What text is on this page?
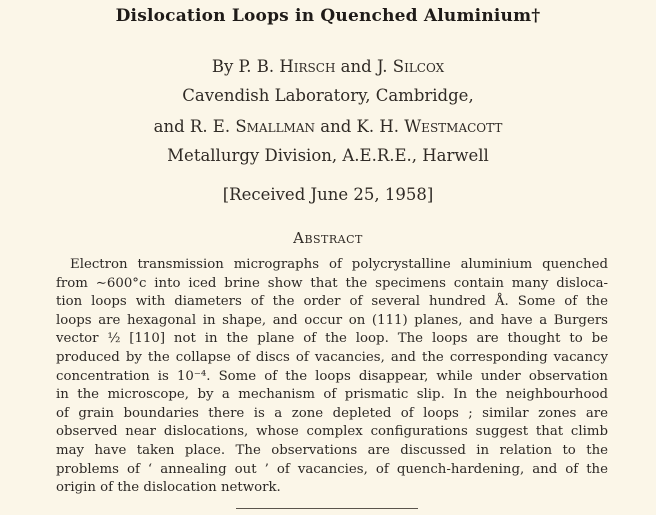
Dislocation Loops in Quenched Aluminium†
By P. B. Hirsch and J. Silcox
Cavendish Laboratory, Cambridge,
and R. E. Smallman and K. H. Westmacott
Metallurgy Division, A.E.R.E., Harwell
[Received June 25, 1958]
Abstract
Electron transmission micrographs of polycrystalline aluminium quenched
from ∼600°c into iced brine show that the specimens contain many disloca-
tion loops with diameters of the order of several hundred Å. Some of the
loops are hexagonal in shape, and occur on (111) planes, and have a Burgers
vector ½ [110] not in the plane of the loop. The loops are thought to be
produced by the collapse of discs of vacancies, and the corresponding vacancy
concentration is 10⁻⁴. Some of the loops disappear, while under observation
in the microscope, by a mechanism of prismatic slip. In the neighbourhood
of grain boundaries there is a zone depleted of loops ; similar zones are
observed near dislocations, whose complex configurations suggest that climb
may have taken place. The observations are discussed in relation to the
problems of ‘ annealing out ’ of vacancies, of quench-hardening, and of the
origin of the dislocation network.
